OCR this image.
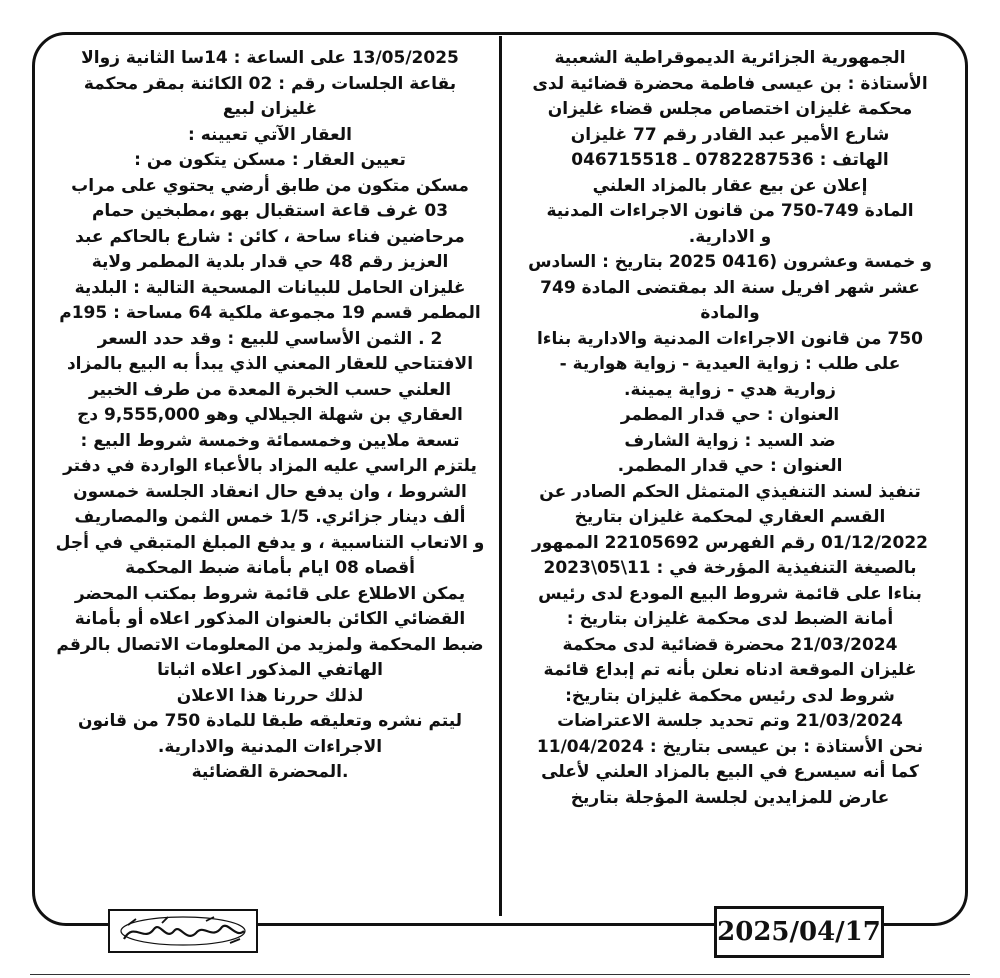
الجمهورية الجزائرية الديموقراطية الشعبية

الأستاذة : بن عيسى فاطمة محضرة قضائية لدى

محكمة غليزان اختصاص مجلس قضاء غليزان

شارع الأمير عبد القادر رقم 77 غليزان

الهاتف : 0782287536 ـ 046715518

إعلان عن بيع عقار بالمزاد العلني

المادة 749-750 من قانون الاجراءات المدنية

و الادارية.

و خمسة وعشرون (0416 2025 بتاريخ : السادس

عشر شهر افريل سنة الد بمقتضى المادة 749 والمادة

750 من قانون الاجراءات المدنية والادارية بناءا

على طلب : زواية العيدية - زواية هوارية -

زوارية هدي - زواية يمينة.

العنوان : حي قدار المطمر

ضد السيد : زواية الشارف

العنوان : حي قدار المطمر.

تنفيذ لسند التنفيذي المتمثل الحكم الصادر عن

القسم العقاري لمحكمة غليزان بتاريخ

01/12/2022 رقم الفهرس 22105692 الممهور

بالصيغة التنفيذية المؤرخة في : 11\05\2023

بناءا على قائمة شروط البيع المودع لدى رئيس

أمانة الضبط لدى محكمة غليزان بتاريخ :

21/03/2024 محضرة قضائية لدى محكمة

غليزان الموقعة ادناه نعلن بأنه تم إبداع قائمة

شروط لدى رئيس محكمة غليزان بتاريخ:

21/03/2024 وتم تحديد جلسة الاعتراضات

نحن الأستاذة : بن عيسى بتاريخ : 11/04/2024

كما أنه سيسرع في البيع بالمزاد العلني لأعلى

عارض للمزايدين لجلسة المؤجلة بتاريخ

13/05/2025 على الساعة : 14سا الثانية زوالا

بقاعة الجلسات رقم : 02 الكائنة بمقر محكمة

غليزان لبيع

العقار الآتي تعيينه :

تعيين العقار : مسكن يتكون من :

مسكن متكون من طابق أرضي يحتوي على مراب

03 غرف قاعة استقبال بهو ،مطبخين حمام

مرحاضين فناء ساحة ، كائن : شارع بالحاكم عبد

العزيز رقم 48 حي قدار بلدية المطمر ولاية

غليزان الحامل للبيانات المسحية التالية : البلدية

المطمر قسم 19 مجموعة ملكية 64 مساحة : 195م

2 . الثمن الأساسي للبيع : وقد حدد السعر

الافتتاحي للعقار المعني الذي يبدأ به البيع بالمزاد

العلني حسب الخبرة المعدة من طرف الخبير

العقاري بن شهلة الجيلالي وهو 9,555,000 دج

تسعة ملايين وخمسمائة وخمسة شروط البيع :

يلتزم الراسي عليه المزاد بالأعباء الواردة في دفتر

الشروط ، وان يدفع حال انعقاد الجلسة خمسون

ألف دينار جزائري. 1/5 خمس الثمن والمصاريف

و الاتعاب التناسبية ، و يدفع المبلغ المتبقي في أجل

أقصاه 08 ايام بأمانة ضبط المحكمة

يمكن الاطلاع على قائمة شروط بمكتب المحضر

القضائي الكائن بالعنوان المذكور اعلاه أو بأمانة

ضبط المحكمة ولمزيد من المعلومات الاتصال بالرقم

الهاتفي المذكور اعلاه اثباتا

لذلك حررنا هذا الاعلان

ليتم نشره وتعليقه طبقا للمادة 750 من قانون

الاجراءات المدنية والادارية.

.المحضرة القضائية

2025/04/17
